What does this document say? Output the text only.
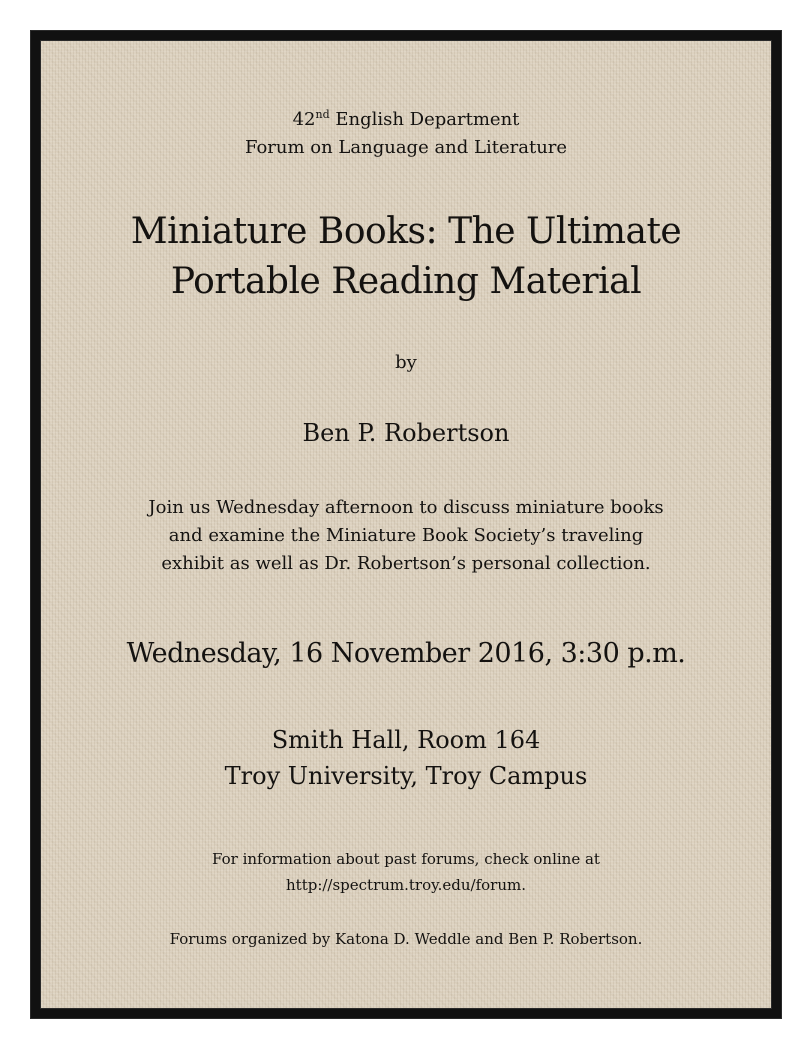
42nd English Department
Forum on Language and Literature
Miniature Books: The Ultimate
Portable Reading Material
by
Ben P. Robertson
Join us Wednesday afternoon to discuss miniature books
and examine the Miniature Book Society’s traveling
exhibit as well as Dr. Robertson’s personal collection.
Wednesday, 16 November 2016, 3:30 p.m.
Smith Hall, Room 164
Troy University, Troy Campus
For information about past forums, check online at
http://spectrum.troy.edu/forum.
Forums organized by Katona D. Weddle and Ben P. Robertson.
